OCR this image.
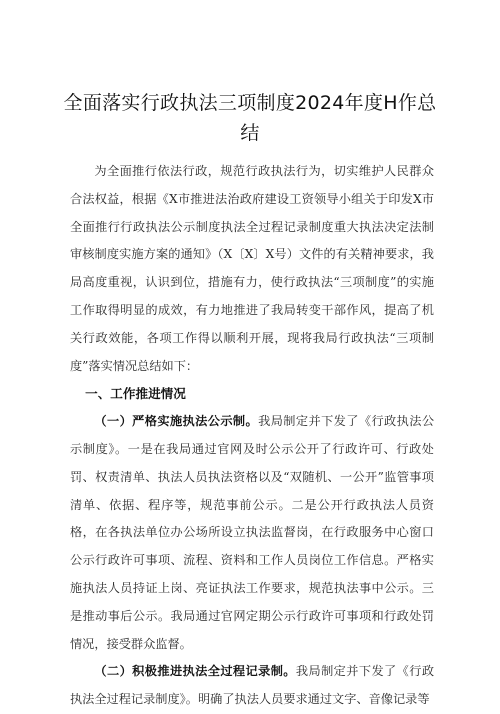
全面落实行政执法三项制度2024年度H作总结

为全面推行依法行政，规范行政执法行为，切实维护人民群众合法权益，根据《X市推进法治政府建设工资领导小组关于印发X市全面推行行政执法公示制度执法全过程记录制度重大执法决定法制审核制度实施方案的通知》（X〔X〕X号）文件的有关精神要求，我局高度重视，认识到位，措施有力，使行政执法“三项制度”的实施工作取得明显的成效，有力地推进了我局转变干部作风，提高了机关行政效能，各项工作得以顺利开展，现将我局行政执法“三项制度”落实情况总结如下：

一、工作推进情况

（一）严格实施执法公示制。我局制定并下发了《行政执法公示制度》。一是在我局通过官网及时公示公开了行政许可、行政处罚、权责清单、执法人员执法资格以及“双随机、一公开”监管事项清单、依据、程序等，规范事前公示。二是公开行政执法人员资格，在各执法单位办公场所设立执法监督岗，在行政服务中心窗口公示行政许可事项、流程、资料和工作人员岗位工作信息。严格实施执法人员持证上岗、亮证执法工作要求，规范执法事中公示。三是推动事后公示。我局通过官网定期公示行政许可事项和行政处罚情况，接受群众监督。

（二）积极推进执法全过程记录制。我局制定并下发了《行政执法全过程记录制度》。明确了执法人员要求通过文字、音像记录等
